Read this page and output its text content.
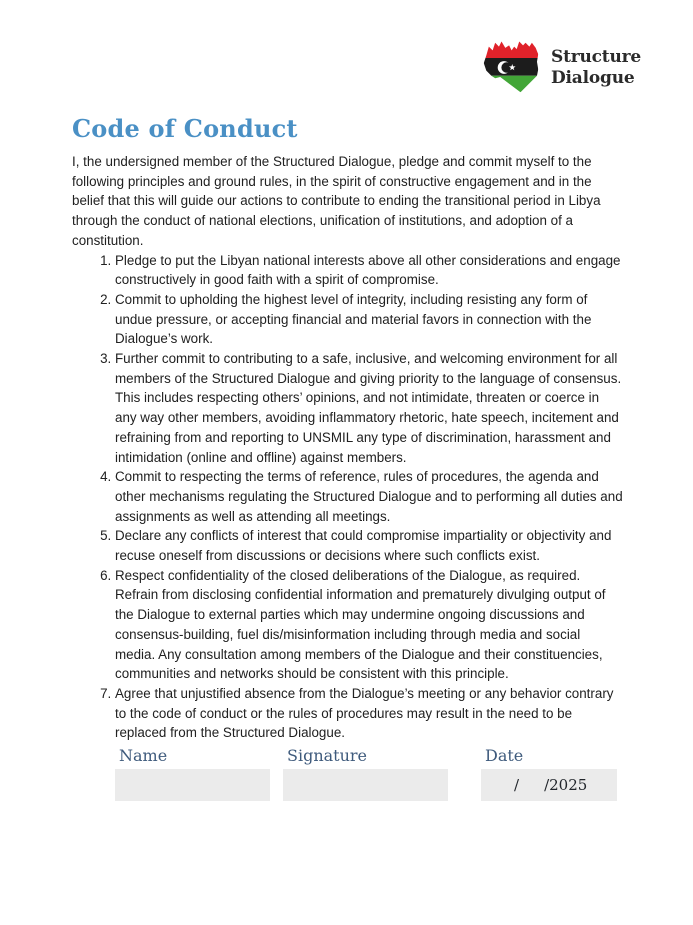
Structure
Dialogue
Code of Conduct

I, the undersigned member of the Structured Dialogue, pledge and commit myself to the following principles and ground rules, in the spirit of constructive engagement and in the belief that this will guide our actions to contribute to ending the transitional period in Libya through the conduct of national elections, unification of institutions, and adoption of a constitution.

1. Pledge to put the Libyan national interests above all other considerations and engage constructively in good faith with a spirit of compromise.
2. Commit to upholding the highest level of integrity, including resisting any form of undue pressure, or accepting financial and material favors in connection with the Dialogue’s work.
3. Further commit to contributing to a safe, inclusive, and welcoming environment for all members of the Structured Dialogue and giving priority to the language of consensus. This includes respecting others’ opinions, and not intimidate, threaten or coerce in any way other members, avoiding inflammatory rhetoric, hate speech, incitement and refraining from and reporting to UNSMIL any type of discrimination, harassment and intimidation (online and offline) against members.
4. Commit to respecting the terms of reference, rules of procedures, the agenda and other mechanisms regulating the Structured Dialogue and to performing all duties and assignments as well as attending all meetings.
5. Declare any conflicts of interest that could compromise impartiality or objectivity and recuse oneself from discussions or decisions where such conflicts exist.
6. Respect confidentiality of the closed deliberations of the Dialogue, as required. Refrain from disclosing confidential information and prematurely divulging output of the Dialogue to external parties which may undermine ongoing discussions and consensus-building, fuel dis/misinformation including through media and social media. Any consultation among members of the Dialogue and their constituencies, communities and networks should be consistent with this principle.
7. Agree that unjustified absence from the Dialogue’s meeting or any behavior contrary to the code of conduct or the rules of procedures may result in the need to be replaced from the Structured Dialogue.
Name	Signature	Date
/ /2025
